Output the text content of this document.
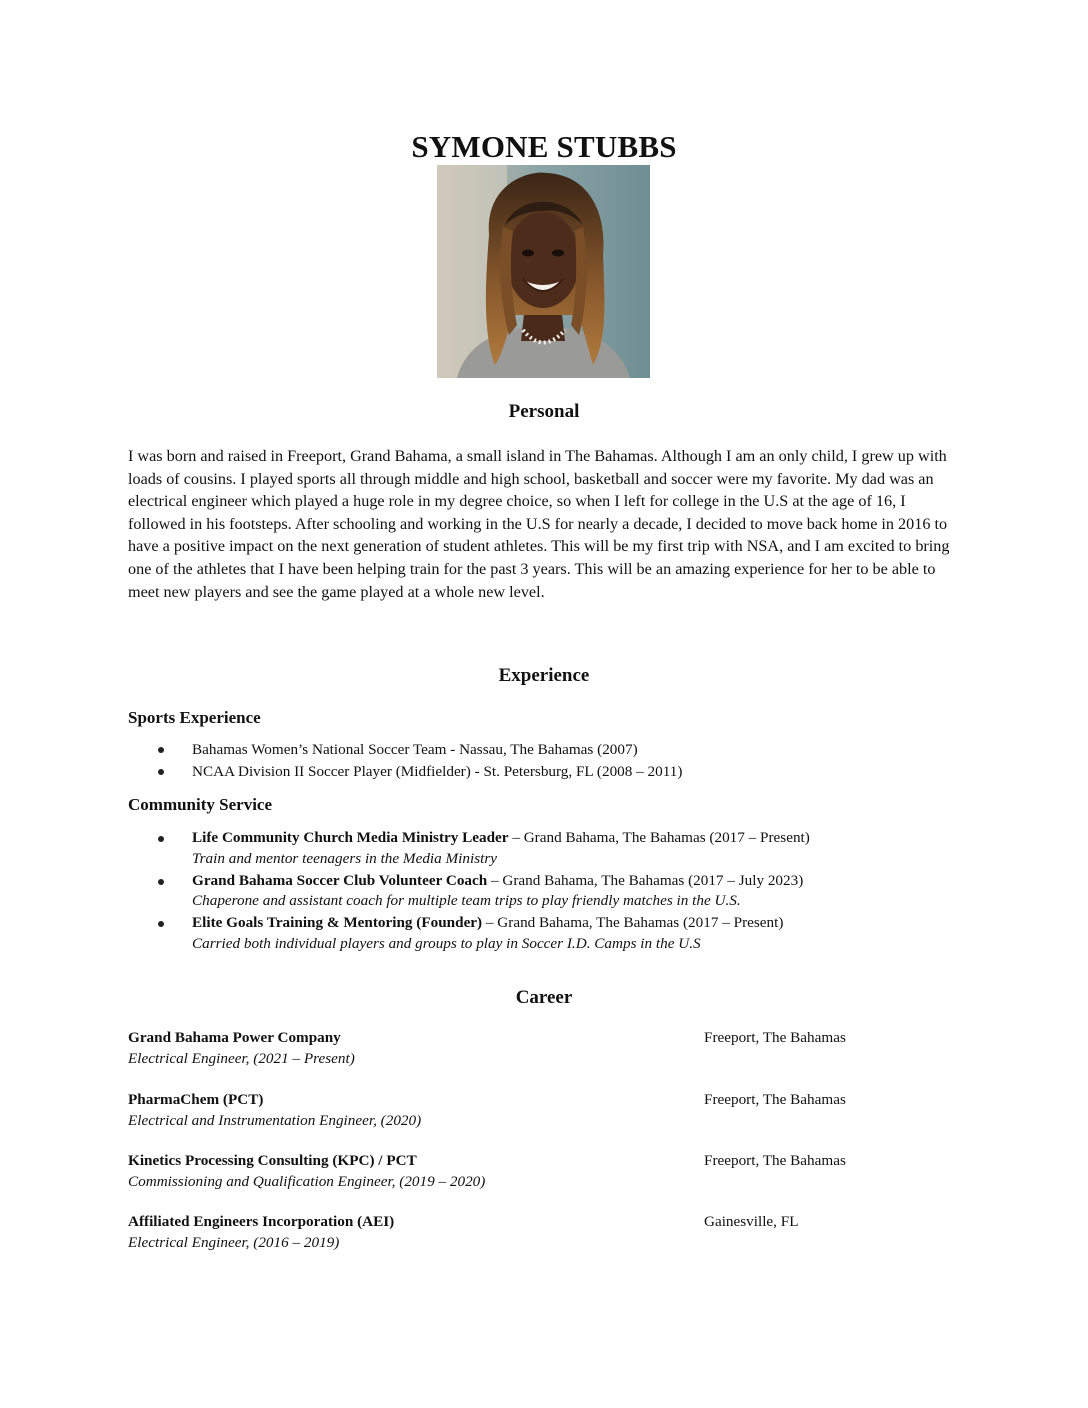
SYMONE STUBBS
Personal
I was born and raised in Freeport, Grand Bahama, a small island in The Bahamas. Although I am an only child, I grew up with loads of cousins. I played sports all through middle and high school, basketball and soccer were my favorite. My dad was an electrical engineer which played a huge role in my degree choice, so when I left for college in the U.S at the age of 16, I followed in his footsteps. After schooling and working in the U.S for nearly a decade, I decided to move back home in 2016 to have a positive impact on the next generation of student athletes. This will be my first trip with NSA, and I am excited to bring one of the athletes that I have been helping train for the past 3 years. This will be an amazing experience for her to be able to meet new players and see the game played at a whole new level.
Experience
Sports Experience
Bahamas Women’s National Soccer Team - Nassau, The Bahamas (2007)
NCAA Division II Soccer Player (Midfielder) - St. Petersburg, FL (2008 – 2011)
Community Service
Life Community Church Media Ministry Leader – Grand Bahama, The Bahamas (2017 – Present)
Train and mentor teenagers in the Media Ministry
Grand Bahama Soccer Club Volunteer Coach – Grand Bahama, The Bahamas (2017 – July 2023)
Chaperone and assistant coach for multiple team trips to play friendly matches in the U.S.
Elite Goals Training & Mentoring (Founder) – Grand Bahama, The Bahamas (2017 – Present)
Carried both individual players and groups to play in Soccer I.D. Camps in the U.S
Career
Grand Bahama Power Company
Electrical Engineer, (2021 – Present)
Freeport, The Bahamas
PharmaChem (PCT)
Electrical and Instrumentation Engineer, (2020)
Freeport, The Bahamas
Kinetics Processing Consulting (KPC) / PCT
Commissioning and Qualification Engineer, (2019 – 2020)
Freeport, The Bahamas
Affiliated Engineers Incorporation (AEI)
Electrical Engineer, (2016 – 2019)
Gainesville, FL
